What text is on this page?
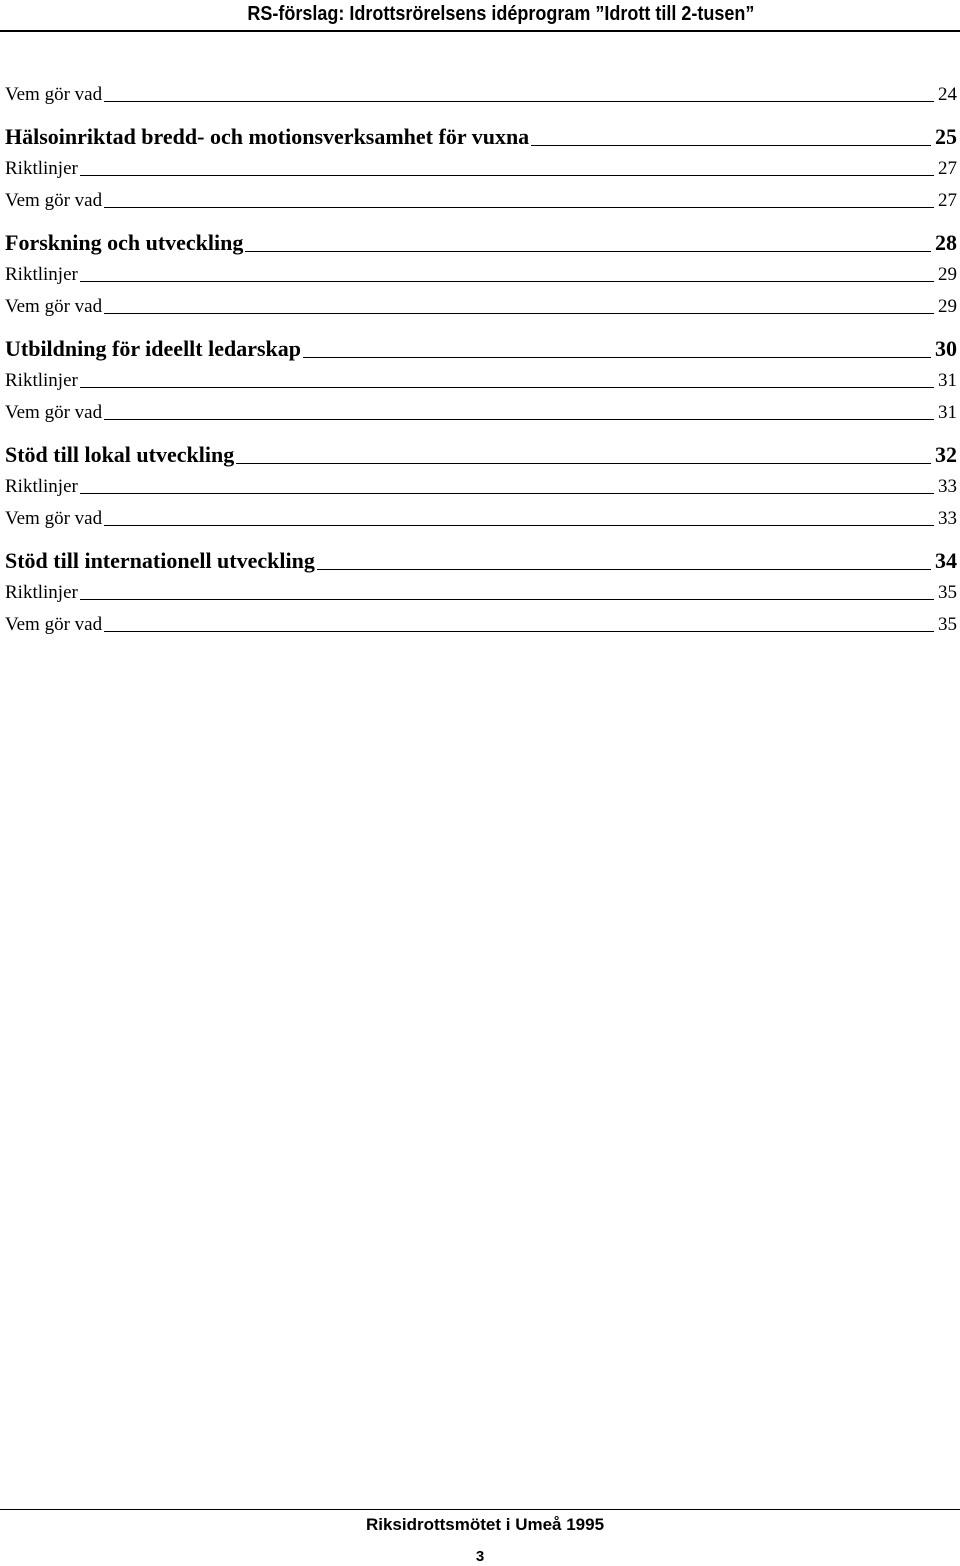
RS-förslag: Idrottsrörelsens idéprogram ”Idrott till 2-tusen”
Vem gör vad	24
Hälsoinriktad bredd- och motionsverksamhet för vuxna	25
Riktlinjer	27
Vem gör vad	27
Forskning och utveckling	28
Riktlinjer	29
Vem gör vad	29
Utbildning för ideellt ledarskap	30
Riktlinjer	31
Vem gör vad	31
Stöd till lokal utveckling	32
Riktlinjer	33
Vem gör vad	33
Stöd till internationell utveckling	34
Riktlinjer	35
Vem gör vad	35
Riksidrottsmötet i Umeå 1995
3
